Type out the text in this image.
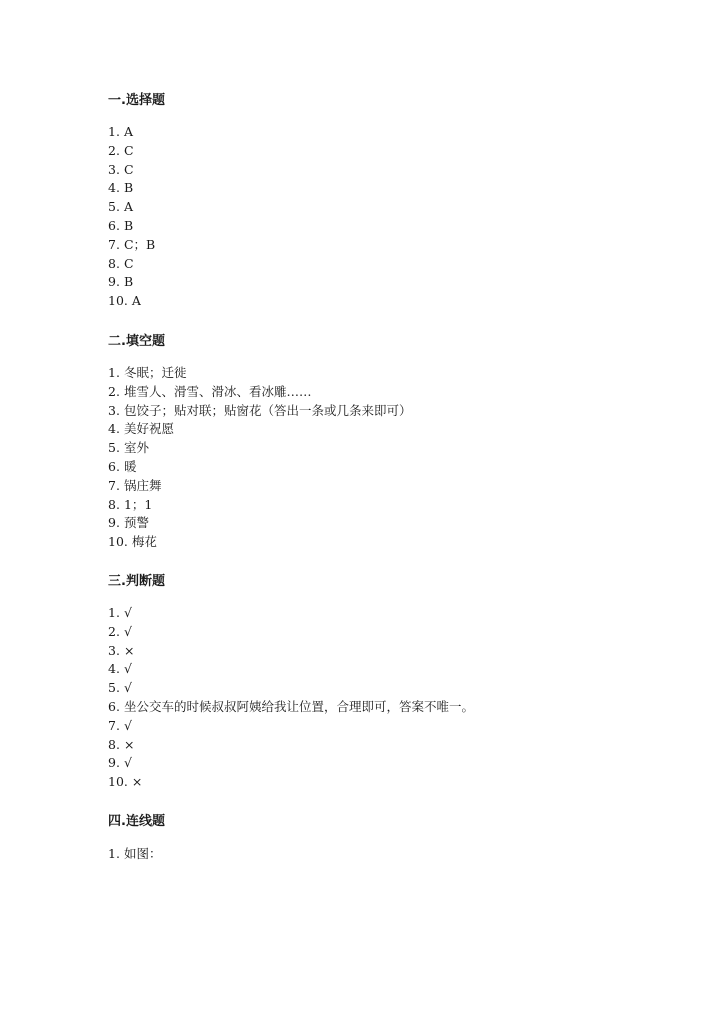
一.选择题
1. A
2. C
3. C
4. B
5. A
6. B
7. C；B
8. C
9. B
10. A
二.填空题
1. 冬眠；迁徙
2. 堆雪人、滑雪、滑冰、看冰雕……
3. 包饺子；贴对联；贴窗花（答出一条或几条来即可）
4. 美好祝愿
5. 室外
6. 暖
7. 锅庄舞
8. 1；1
9. 预警
10. 梅花
三.判断题
1. √
2. √
3. ×
4. √
5. √
6. 坐公交车的时候叔叔阿姨给我让位置，合理即可，答案不唯一。
7. √
8. ×
9. √
10. ×
四.连线题
1. 如图：
